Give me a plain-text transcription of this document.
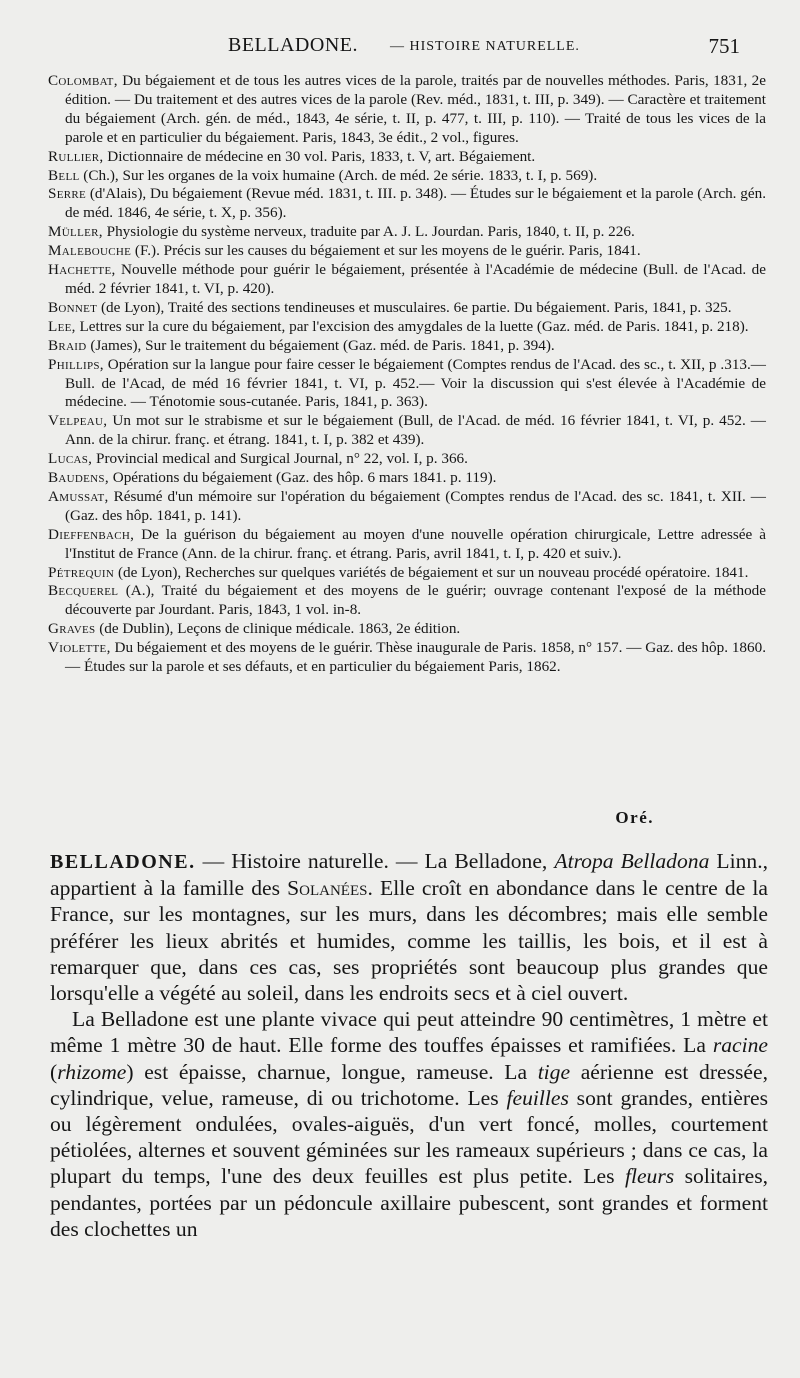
BELLADONE. — HISTOIRE NATURELLE.	751

Colombat, Du bégaiement et de tous les autres vices de la parole, traités par de nouvelles méthodes. Paris, 1831, 2e édition. — Du traitement et des autres vices de la parole (Rev. méd., 1831, t. III, p. 349). — Caractère et traitement du bégaiement (Arch. gén. de méd., 1843, 4e série, t. II, p. 477, t. III, p. 110). — Traité de tous les vices de la parole et en particulier du bégaiement. Paris, 1843, 3e édit., 2 vol., figures.

Rullier, Dictionnaire de médecine en 30 vol. Paris, 1833, t. V, art. Bégaiement.

Bell (Ch.), Sur les organes de la voix humaine (Arch. de méd. 2e série. 1833, t. I, p. 569).

Serre (d'Alais), Du bégaiement (Revue méd. 1831, t. III. p. 348). — Études sur le bégaiement et la parole (Arch. gén. de méd. 1846, 4e série, t. X, p. 356).

Müller, Physiologie du système nerveux, traduite par A. J. L. Jourdan. Paris, 1840, t. II, p. 226.

Malebouche (F.). Précis sur les causes du bégaiement et sur les moyens de le guérir. Paris, 1841.

Hachette, Nouvelle méthode pour guérir le bégaiement, présentée à l'Académie de médecine (Bull. de l'Acad. de méd. 2 février 1841, t. VI, p. 420).

Bonnet (de Lyon), Traité des sections tendineuses et musculaires. 6e partie. Du bégaiement. Paris, 1841, p. 325.

Lee, Lettres sur la cure du bégaiement, par l'excision des amygdales de la luette (Gaz. méd. de Paris. 1841, p. 218).

Braid (James), Sur le traitement du bégaiement (Gaz. méd. de Paris. 1841, p. 394).

Phillips, Opération sur la langue pour faire cesser le bégaiement (Comptes rendus de l'Acad. des sc., t. XII, p .313.— Bull. de l'Acad, de méd 16 février 1841, t. VI, p. 452.— Voir la discussion qui s'est élevée à l'Académie de médecine. — Ténotomie sous-cutanée. Paris, 1841, p. 363).

Velpeau, Un mot sur le strabisme et sur le bégaiement (Bull, de l'Acad. de méd. 16 février 1841, t. VI, p. 452. — Ann. de la chirur. franç. et étrang. 1841, t. I, p. 382 et 439).

Lucas, Provincial medical and Surgical Journal, n° 22, vol. I, p. 366.

Baudens, Opérations du bégaiement (Gaz. des hôp. 6 mars 1841. p. 119).

Amussat, Résumé d'un mémoire sur l'opération du bégaiement (Comptes rendus de l'Acad. des sc. 1841, t. XII. — (Gaz. des hôp. 1841, p. 141).

Dieffenbach, De la guérison du bégaiement au moyen d'une nouvelle opération chirurgicale, Lettre adressée à l'Institut de France (Ann. de la chirur. franç. et étrang. Paris, avril 1841, t. I, p. 420 et suiv.).

Pétrequin (de Lyon), Recherches sur quelques variétés de bégaiement et sur un nouveau procédé opératoire. 1841.

Becquerel (A.), Traité du bégaiement et des moyens de le guérir; ouvrage contenant l'exposé de la méthode découverte par Jourdant. Paris, 1843, 1 vol. in-8.

Graves (de Dublin), Leçons de clinique médicale. 1863, 2e édition.

Violette, Du bégaiement et des moyens de le guérir. Thèse inaugurale de Paris. 1858, n° 157. — Gaz. des hôp. 1860. — Études sur la parole et ses défauts, et en particulier du bégaiement Paris, 1862.

Oré.

BELLADONE. — Histoire naturelle. — La Belladone, Atropa Belladona Linn., appartient à la famille des Solanées. Elle croît en abondance dans le centre de la France, sur les montagnes, sur les murs, dans les décombres; mais elle semble préférer les lieux abrités et humides, comme les taillis, les bois, et il est à remarquer que, dans ces cas, ses propriétés sont beaucoup plus grandes que lorsqu'elle a végété au soleil, dans les endroits secs et à ciel ouvert.

La Belladone est une plante vivace qui peut atteindre 90 centimètres, 1 mètre et même 1 mètre 30 de haut. Elle forme des touffes épaisses et ramifiées. La racine (rhizome) est épaisse, charnue, longue, rameuse. La tige aérienne est dressée, cylindrique, velue, rameuse, di ou trichotome. Les feuilles sont grandes, entières ou légèrement ondulées, ovales-aiguës, d'un vert foncé, molles, courtement pétiolées, alternes et souvent géminées sur les rameaux supérieurs ; dans ce cas, la plupart du temps, l'une des deux feuilles est plus petite. Les fleurs solitaires, pendantes, portées par un pédoncule axillaire pubescent, sont grandes et forment des clochettes un
